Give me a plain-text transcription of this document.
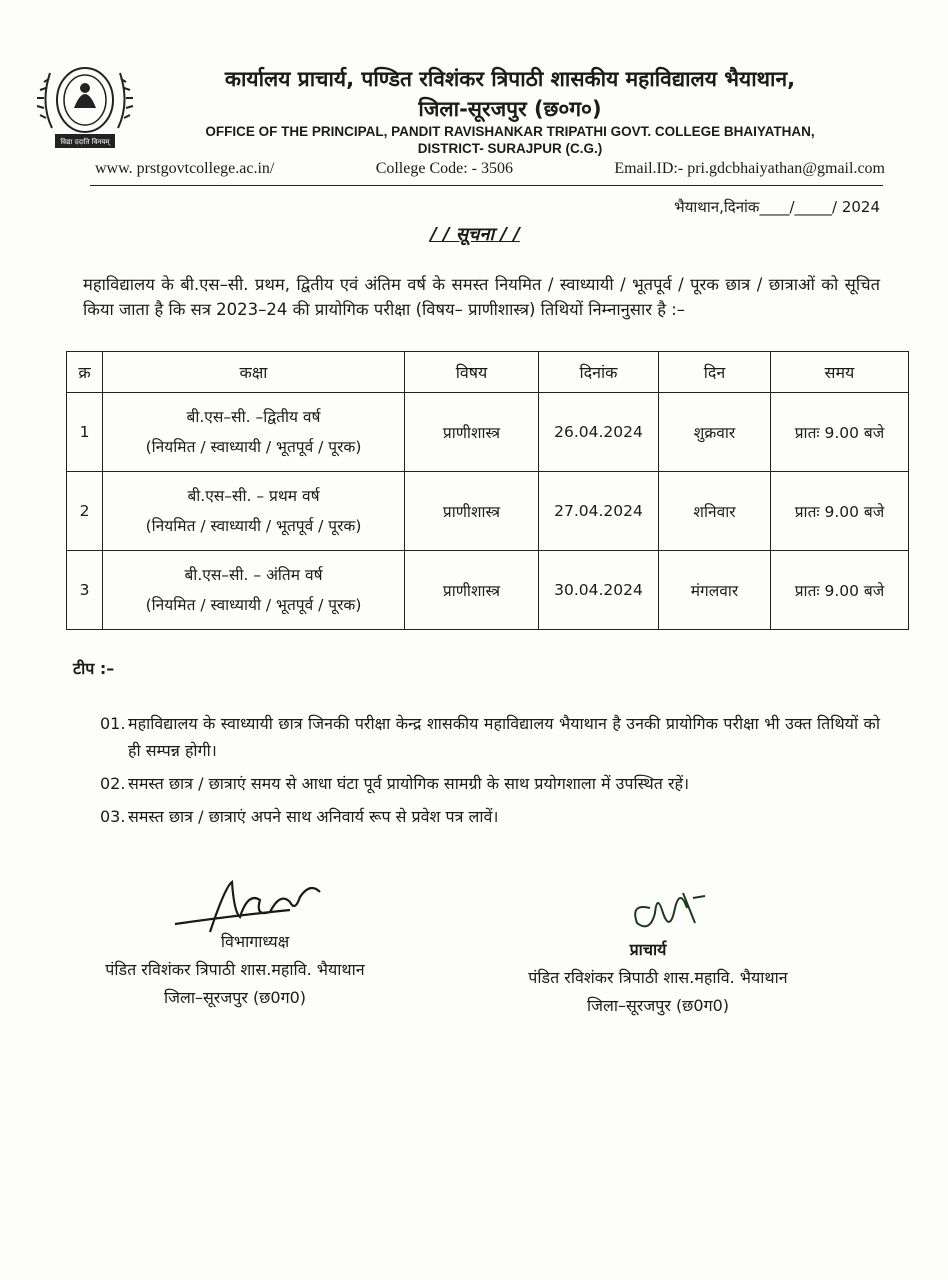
विद्या ददाति विनयम्
कार्यालय प्राचार्य, पण्डित रविशंकर त्रिपाठी शासकीय महाविद्यालय भैयाथान,
जिला-सूरजपुर (छ०ग०)
OFFICE OF THE PRINCIPAL, PANDIT RAVISHANKAR TRIPATHI GOVT. COLLEGE BHAIYATHAN,
DISTRICT- SURAJPUR (C.G.)
www. prstgovtcollege.ac.in/	College Code: - 3506	Email.ID:- pri.gdcbhaiyathan@gmail.com
भैयाथान,दिनांक____/_____/ 2024
/ / सूचना / /
महाविद्यालय के बी.एस–सी. प्रथम, द्वितीय एवं अंतिम वर्ष के समस्त नियमित / स्वाध्यायी / भूतपूर्व / पूरक छात्र / छात्राओं को सूचित किया जाता है कि सत्र 2023–24 की प्रायोगिक परीक्षा (विषय– प्राणीशास्त्र) तिथियों निम्नानुसार है :–
क्र	कक्षा	विषय	दिनांक	दिन	समय
1	बी.एस–सी. –द्वितीय वर्ष
(नियमित / स्वाध्यायी / भूतपूर्व / पूरक)	प्राणीशास्त्र	26.04.2024	शुक्रवार	प्रातः 9.00 बजे
2	बी.एस–सी. – प्रथम वर्ष
(नियमित / स्वाध्यायी / भूतपूर्व / पूरक)	प्राणीशास्त्र	27.04.2024	शनिवार	प्रातः 9.00 बजे
3	बी.एस–सी. – अंतिम वर्ष
(नियमित / स्वाध्यायी / भूतपूर्व / पूरक)	प्राणीशास्त्र	30.04.2024	मंगलवार	प्रातः 9.00 बजे
टीप :–
01. महाविद्यालय के स्वाध्यायी छात्र जिनकी परीक्षा केन्द्र शासकीय महाविद्यालय भैयाथान है उनकी प्रायोगिक परीक्षा भी उक्त तिथियों को ही सम्पन्न होगी।
02. समस्त छात्र / छात्राएं समय से आधा घंटा पूर्व प्रायोगिक सामग्री के साथ प्रयोगशाला में उपस्थित रहें।
03. समस्त छात्र / छात्राएं अपने साथ अनिवार्य रूप से प्रवेश पत्र लावें।
विभागाध्यक्ष
पंडित रविशंकर त्रिपाठी शास.महावि. भैयाथान
जिला–सूरजपुर (छ0ग0)
प्राचार्य
पंडित रविशंकर त्रिपाठी शास.महावि. भैयाथान
जिला–सूरजपुर (छ0ग0)
